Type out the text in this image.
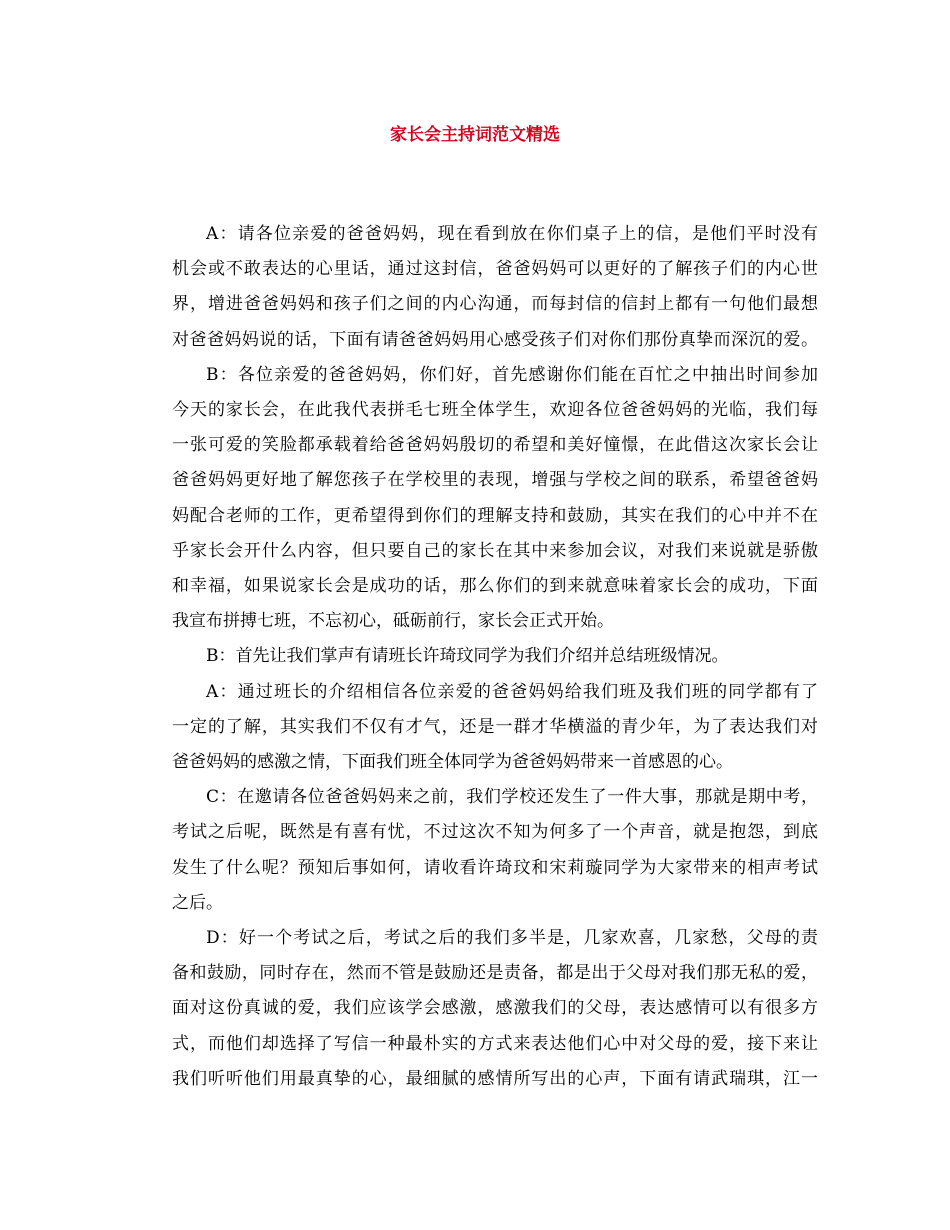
家长会主持词范文精选

A：请各位亲爱的爸爸妈妈，现在看到放在你们桌子上的信，是他们平时没有
机会或不敢表达的心里话，通过这封信，爸爸妈妈可以更好的了解孩子们的内心世
界，增进爸爸妈妈和孩子们之间的内心沟通，而每封信的信封上都有一句他们最想
对爸爸妈妈说的话，下面有请爸爸妈妈用心感受孩子们对你们那份真挚而深沉的爱。

B：各位亲爱的爸爸妈妈，你们好，首先感谢你们能在百忙之中抽出时间参加
今天的家长会，在此我代表拼毛七班全体学生，欢迎各位爸爸妈妈的光临，我们每
一张可爱的笑脸都承载着给爸爸妈妈殷切的希望和美好憧憬，在此借这次家长会让
爸爸妈妈更好地了解您孩子在学校里的表现，增强与学校之间的联系，希望爸爸妈
妈配合老师的工作，更希望得到你们的理解支持和鼓励，其实在我们的心中并不在
乎家长会开什么内容，但只要自己的家长在其中来参加会议，对我们来说就是骄傲
和幸福，如果说家长会是成功的话，那么你们的到来就意味着家长会的成功，下面
我宣布拼搏七班，不忘初心，砥砺前行，家长会正式开始。

B：首先让我们掌声有请班长许琦玟同学为我们介绍并总结班级情况。

A：通过班长的介绍相信各位亲爱的爸爸妈妈给我们班及我们班的同学都有了
一定的了解，其实我们不仅有才气，还是一群才华横溢的青少年，为了表达我们对
爸爸妈妈的感激之情，下面我们班全体同学为爸爸妈妈带来一首感恩的心。

C：在邀请各位爸爸妈妈来之前，我们学校还发生了一件大事，那就是期中考，
考试之后呢，既然是有喜有忧，不过这次不知为何多了一个声音，就是抱怨，到底
发生了什么呢？预知后事如何，请收看许琦玟和宋莉璇同学为大家带来的相声考试
之后。

D：好一个考试之后，考试之后的我们多半是，几家欢喜，几家愁，父母的责
备和鼓励，同时存在，然而不管是鼓励还是责备，都是出于父母对我们那无私的爱，
面对这份真诚的爱，我们应该学会感激，感激我们的父母，表达感情可以有很多方
式，而他们却选择了写信一种最朴实的方式来表达他们心中对父母的爱，接下来让
我们听听他们用最真挚的心，最细腻的感情所写出的心声，下面有请武瑞琪，江一
